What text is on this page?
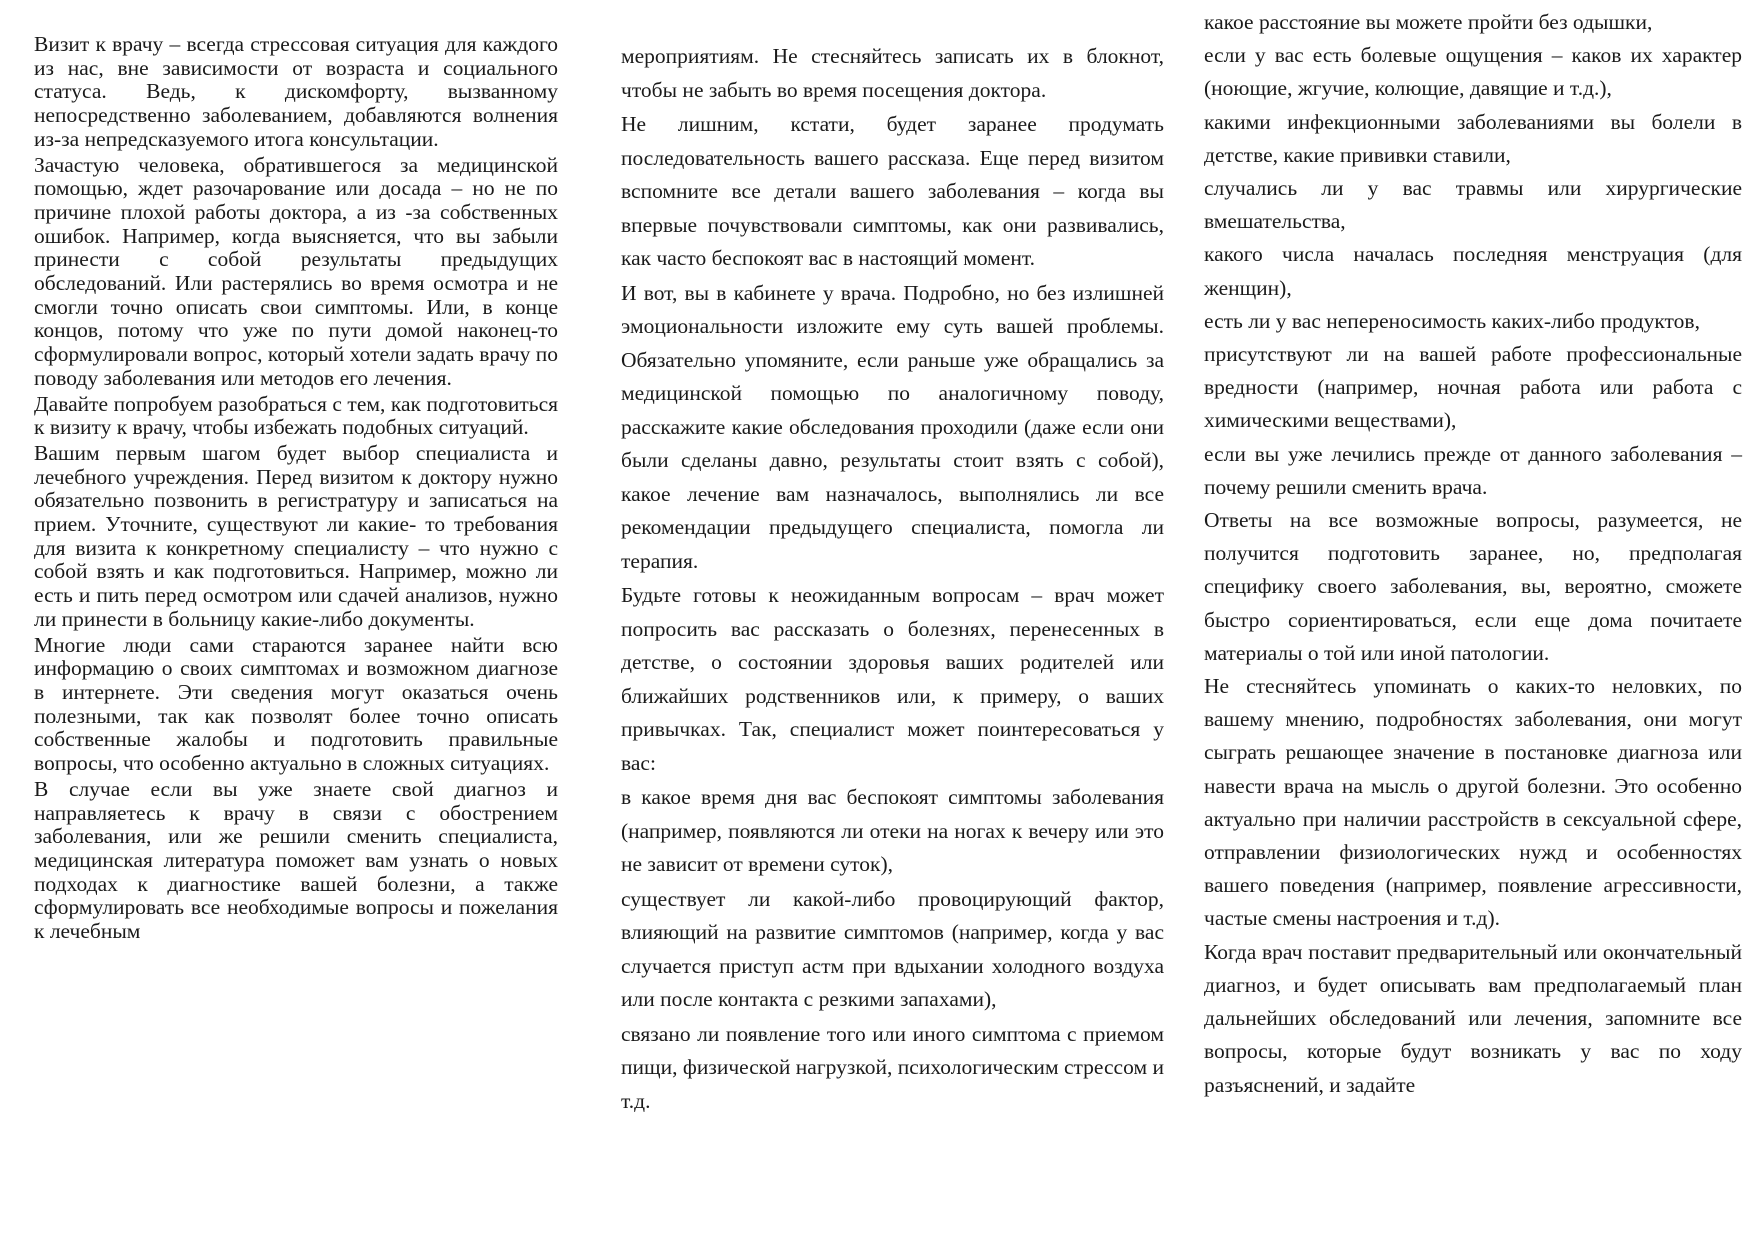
Визит к врачу – всегда стрессовая ситуация для каждого из нас, вне зависимости от возраста и социального статуса. Ведь, к дискомфорту, вызванному непосредственно заболеванием, добавляются волнения из-за непредсказуемого итога консультации.

Зачастую человека, обратившегося за медицинской помощью, ждет разочарование или досада – но не по причине плохой работы доктора, а из -за собственных ошибок. Например, когда выясняется, что вы забыли принести с собой результаты предыдущих обследований. Или растерялись во время осмотра и не смогли точно описать свои симптомы. Или, в конце концов, потому что уже по пути домой наконец-то сформулировали вопрос, который хотели задать врачу по поводу заболевания или методов его лечения.

Давайте попробуем разобраться с тем, как подготовиться к визиту к врачу, чтобы избежать подобных ситуаций.

Вашим первым шагом будет выбор специалиста и лечебного учреждения. Перед визитом к доктору нужно обязательно позвонить в регистратуру и записаться на прием. Уточните, существуют ли какие- то требования для визита к конкретному специалисту – что нужно с собой взять и как подготовиться. Например, можно ли есть и пить перед осмотром или сдачей анализов, нужно ли принести в больницу какие-либо документы.

Многие люди сами стараются заранее найти всю информацию о своих симптомах и возможном диагнозе в интернете. Эти сведения могут оказаться очень полезными, так как позволят более точно описать собственные жалобы и подготовить правильные вопросы, что особенно актуально в сложных ситуациях.

В случае если вы уже знаете свой диагноз и направляетесь к врачу в связи с обострением заболевания, или же решили сменить специалиста, медицинская литература поможет вам узнать о новых подходах к диагностике вашей болезни, а также сформулировать все необходимые вопросы и пожелания к лечебным

мероприятиям. Не стесняйтесь записать их в блокнот, чтобы не забыть во время посещения доктора.

Не лишним, кстати, будет заранее продумать последовательность вашего рассказа. Еще перед визитом вспомните все детали вашего заболевания – когда вы впервые почувствовали симптомы, как они развивались, как часто беспокоят вас в настоящий момент.

И вот, вы в кабинете у врача. Подробно, но без излишней эмоциональности изложите ему суть вашей проблемы. Обязательно упомяните, если раньше уже обращались за медицинской помощью по аналогичному поводу, расскажите какие обследования проходили (даже если они были сделаны давно, результаты стоит взять с собой), какое лечение вам назначалось, выполнялись ли все рекомендации предыдущего специалиста, помогла ли терапия.

Будьте готовы к неожиданным вопросам – врач может попросить вас рассказать о болезнях, перенесенных в детстве, о состоянии здоровья ваших родителей или ближайших родственников или, к примеру, о ваших привычках. Так, специалист может поинтересоваться у вас:

в какое время дня вас беспокоят симптомы заболевания (например, появляются ли отеки на ногах к вечеру или это не зависит от времени суток),

существует ли какой-либо провоцирующий фактор, влияющий на развитие симптомов (например, когда у вас случается приступ астм при вдыхании холодного воздуха или после контакта с резкими запахами),

связано ли появление того или иного симптома с приемом пищи, физической нагрузкой, психологическим стрессом и т.д.

какое расстояние вы можете пройти без одышки,

если у вас есть болевые ощущения – каков их характер (ноющие, жгучие, колющие, давящие и т.д.),

какими инфекционными заболеваниями вы болели в детстве, какие прививки ставили,

случались ли у вас травмы или хирургические вмешательства,

какого числа началась последняя менструация (для женщин),

есть ли у вас непереносимость каких-либо продуктов,

присутствуют ли на вашей работе профессиональные вредности (например, ночная работа или работа с химическими веществами),

если вы уже лечились прежде от данного заболевания – почему решили сменить врача.

Ответы на все возможные вопросы, разумеется, не получится подготовить заранее, но, предполагая специфику своего заболевания, вы, вероятно, сможете быстро сориентироваться, если еще дома почитаете материалы о той или иной патологии.

Не стесняйтесь упоминать о каких-то неловких, по вашему мнению, подробностях заболевания, они могут сыграть решающее значение в постановке диагноза или навести врача на мысль о другой болезни. Это особенно актуально при наличии расстройств в сексуальной сфере, отправлении физиологических нужд и особенностях вашего поведения (например, появление агрессивности, частые смены настроения и т.д).

Когда врач поставит предварительный или окончательный диагноз, и будет описывать вам предполагаемый план дальнейших обследований или лечения, запомните все вопросы, которые будут возникать у вас по ходу разъяснений, и задайте
